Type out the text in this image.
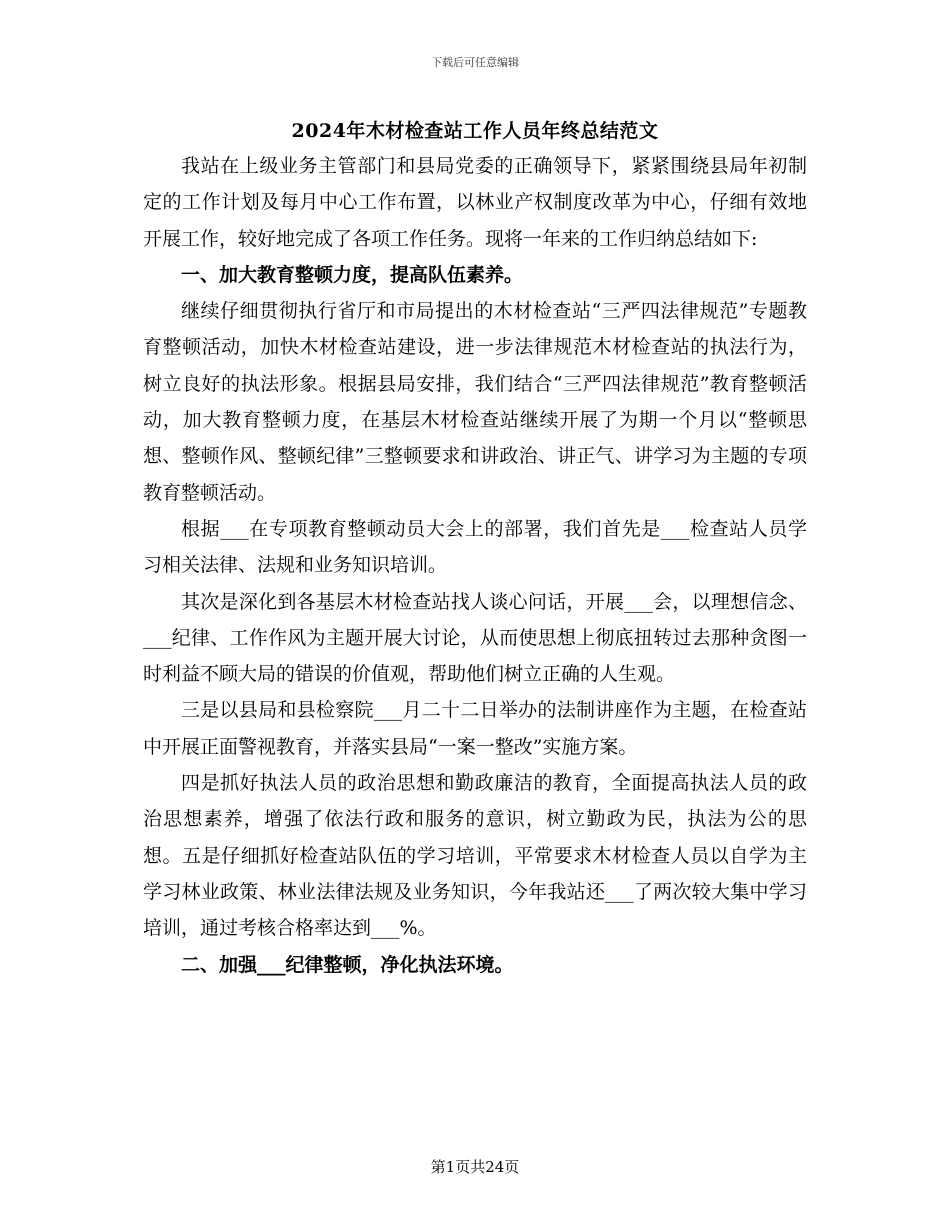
下载后可任意编辑
2024年木材检查站工作人员年终总结范文

我站在上级业务主管部门和县局党委的正确领导下，紧紧围绕县局年初制定的工作计划及每月中心工作布置，以林业产权制度改革为中心，仔细有效地开展工作，较好地完成了各项工作任务。现将一年来的工作归纳总结如下:

一、加大教育整顿力度，提高队伍素养。

继续仔细贯彻执行省厅和市局提出的木材检查站“三严四法律规范”专题教育整顿活动，加快木材检查站建设，进一步法律规范木材检查站的执法行为，树立良好的执法形象。根据县局安排，我们结合“三严四法律规范”教育整顿活动，加大教育整顿力度，在基层木材检查站继续开展了为期一个月以“整顿思想、整顿作风、整顿纪律”三整顿要求和讲政治、讲正气、讲学习为主题的专项教育整顿活动。

根据___在专项教育整顿动员大会上的部署，我们首先是___检查站人员学习相关法律、法规和业务知识培训。

其次是深化到各基层木材检查站找人谈心问话，开展___会，以理想信念、___纪律、工作作风为主题开展大讨论，从而使思想上彻底扭转过去那种贪图一时利益不顾大局的错误的价值观，帮助他们树立正确的人生观。

三是以县局和县检察院___月二十二日举办的法制讲座作为主题，在检查站中开展正面警视教育，并落实县局“一案一整改”实施方案。

四是抓好执法人员的政治思想和勤政廉洁的教育，全面提高执法人员的政治思想素养，增强了依法行政和服务的意识，树立勤政为民，执法为公的思想。五是仔细抓好检查站队伍的学习培训，平常要求木材检查人员以自学为主学习林业政策、林业法律法规及业务知识，今年我站还___了两次较大集中学习培训，通过考核合格率达到___%。

二、加强___纪律整顿，净化执法环境。

第1页共24页
